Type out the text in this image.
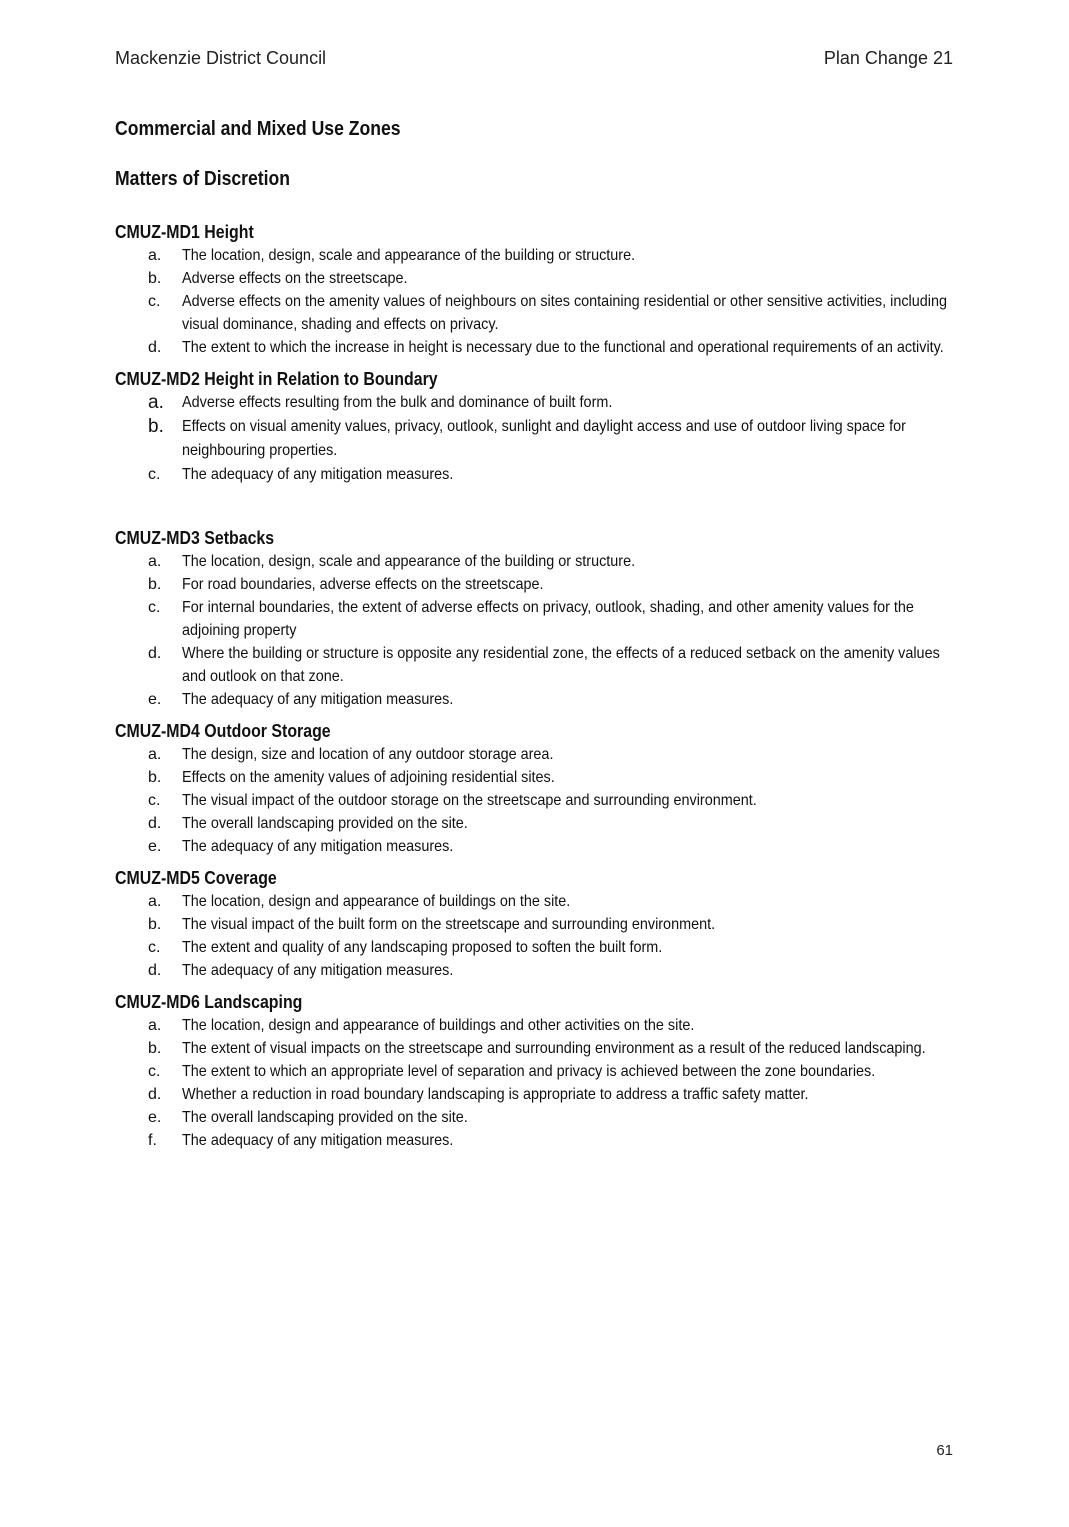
Mackenzie District Council	Plan Change 21
Commercial and Mixed Use Zones
Matters of Discretion
CMUZ-MD1 Height
a.	The location, design, scale and appearance of the building or structure.
b.	Adverse effects on the streetscape.
c.	Adverse effects on the amenity values of neighbours on sites containing residential or other sensitive activities, including visual dominance, shading and effects on privacy.
d.	The extent to which the increase in height is necessary due to the functional and operational requirements of an activity.
CMUZ-MD2 Height in Relation to Boundary
a. Adverse effects resulting from the bulk and dominance of built form.
b. Effects on visual amenity values, privacy, outlook, sunlight and daylight access and use of outdoor living space for neighbouring properties.
c.	The adequacy of any mitigation measures.
CMUZ-MD3 Setbacks
a.	The location, design, scale and appearance of the building or structure.
b.	For road boundaries, adverse effects on the streetscape.
c.	For internal boundaries, the extent of adverse effects on privacy, outlook, shading, and other amenity values for the adjoining property
d.	Where the building or structure is opposite any residential zone, the effects of a reduced setback on the amenity values and outlook on that zone.
e.	The adequacy of any mitigation measures.
CMUZ-MD4 Outdoor Storage
a.	The design, size and location of any outdoor storage area.
b.	Effects on the amenity values of adjoining residential sites.
c.	The visual impact of the outdoor storage on the streetscape and surrounding environment.
d.	The overall landscaping provided on the site.
e.	The adequacy of any mitigation measures.
CMUZ-MD5 Coverage
a.	The location, design and appearance of buildings on the site.
b.	The visual impact of the built form on the streetscape and surrounding environment.
c.	The extent and quality of any landscaping proposed to soften the built form.
d.	The adequacy of any mitigation measures.
CMUZ-MD6 Landscaping
a.	The location, design and appearance of buildings and other activities on the site.
b.	The extent of visual impacts on the streetscape and surrounding environment as a result of the reduced landscaping.
c.	The extent to which an appropriate level of separation and privacy is achieved between the zone boundaries.
d.	Whether a reduction in road boundary landscaping is appropriate to address a traffic safety matter.
e.	The overall landscaping provided on the site.
f.	The adequacy of any mitigation measures.
61
